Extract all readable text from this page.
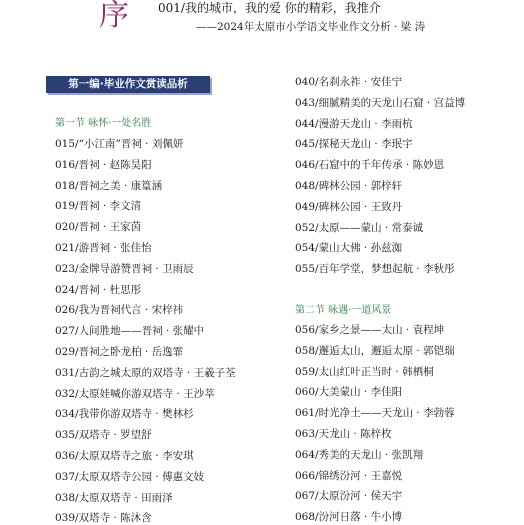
序 001/我的城市，我的爱 你的精彩，我推介
——2024年太原市小学语文毕业作文分析 · 梁 涛
第一编·毕业作文赏读品析
第一节 咏怀·一处名胜
015/“小江南”晋祠 · 刘佩妍
016/晋祠 · 赵陈昊阳
018/晋祠之美 · 康篁涵
019/晋祠 · 李文清
020/晋祠 · 王家茵
021/游晋祠 · 张佳怡
023/金牌导游赞晋祠 · 卫雨辰
024/晋祠 · 杜思彤
026/我为晋祠代言 · 宋梓祎
027/人间胜地——晋祠 · 张耀中
029/晋祠之卧龙柏 · 岳逸霏
031/古韵之城太原的双塔寺 · 王羲子荃
032/太原娃喊你游双塔寺 · 王沙莘
034/我带你游双塔寺 · 樊林杉
035/双塔寺 · 罗望舒
036/太原双塔寺之旅 · 李安琪
037/太原双塔寺公园 · 傅惠文妓
038/太原双塔寺 · 田雨泽
039/双塔寺 · 陈沐含
040/名刹永祚 · 安佳宁
043/细腻精美的天龙山石窟 · 宫益博
044/漫游天龙山 · 李雨杭
045/探秘天龙山 · 李珉宇
046/石窟中的千年传承 · 陈妙恩
048/碑林公园 · 郭梓轩
049/碑林公园 · 王致丹
052/太原——蒙山 · 常泰诚
054/蒙山大佛 · 孙兹洳
055/百年学堂，梦想起航 · 李秋彤
第二节 咏遇·一道风景
056/家乡之景——太山 · 袁程坤
058/邂逅太山，邂逅太原 · 郭铠瑞
059/太山红叶正当时 · 韩栖桐
060/大美蒙山 · 李佳阳
061/时光净土——天龙山 · 李勃蓉
063/天龙山 · 陈梓枚
064/秀美的天龙山 · 张凯翔
066/锦绣汾河 · 王嘉悦
067/太原汾河 · 侯天宇
068/汾河日落 · 牛小博
